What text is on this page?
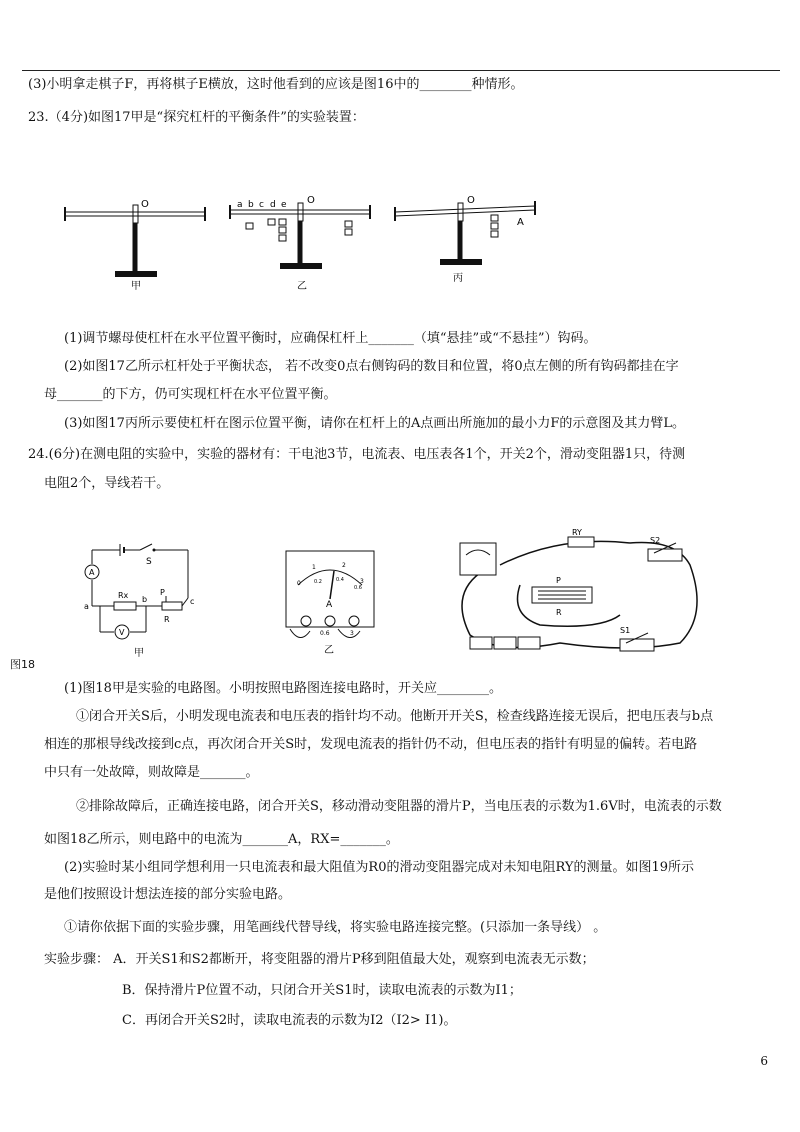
(3)小明拿走棋子F，再将棋子E横放，这时他看到的应该是图16中的________种情形。
23.（4分)如图17甲是“探究杠杆的平衡条件”的实验装置：
O
甲
a b c d e O
乙
O
A
丙
(1)调节螺母使杠杆在水平位置平衡时，应确保杠杆上_______（填“悬挂”或“不悬挂”）钩码。
(2)如图17乙所示杠杆处于平衡状态， 若不改变0点右侧钩码的数目和位置，将0点左侧的所有钩码都挂在字
母_______的下方，仍可实现杠杆在水平位置平衡。
(3)如图17丙所示要使杠杆在图示位置平衡，请你在杠杆上的A点画出所施加的最小力F的示意图及其力臂L。
24.(6分)在测电阻的实验中，实验的器材有：干电池3节，电流表、电压表各1个，开关2个，滑动变阻器1只，待测
电阻2个，导线若干。
S
A
a
Rx b
P
R
c
V
甲
0
1	2
3
0.2	0.4
0.6
A
0.6	3
乙
RY
P
R
S2
S1
图18
(1)图18甲是实验的电路图。小明按照电路图连接电路时，开关应________。
①闭合开关S后，小明发现电流表和电压表的指针均不动。他断开开关S，检查线路连接无误后，把电压表与b点
相连的那根导线改接到c点，再次闭合开关S时，发现电流表的指针仍不动，但电压表的指针有明显的偏转。若电路
中只有一处故障，则故障是_______。
②排除故障后，正确连接电路，闭合开关S，移动滑动变阻器的滑片P，当电压表的示数为1.6V时，电流表的示数
如图18乙所示，则电路中的电流为_______A，RX=_______。
(2)实验时某小组同学想利用一只电流表和最大阻值为R0的滑动变阻器完成对未知电阻RY的测量。如图19所示
是他们按照设计想法连接的部分实验电路。
①请你依据下面的实验步骤，用笔画线代替导线，将实验电路连接完整。(只添加一条导线） 。
实验步骤： A．开关S1和S2都断开，将变阻器的滑片P移到阻值最大处，观察到电流表无示数；
B．保持滑片P位置不动，只闭合开关S1时，读取电流表的示数为I1；
C．再闭合开关S2时，读取电流表的示数为I2（I2> I1)。
6
